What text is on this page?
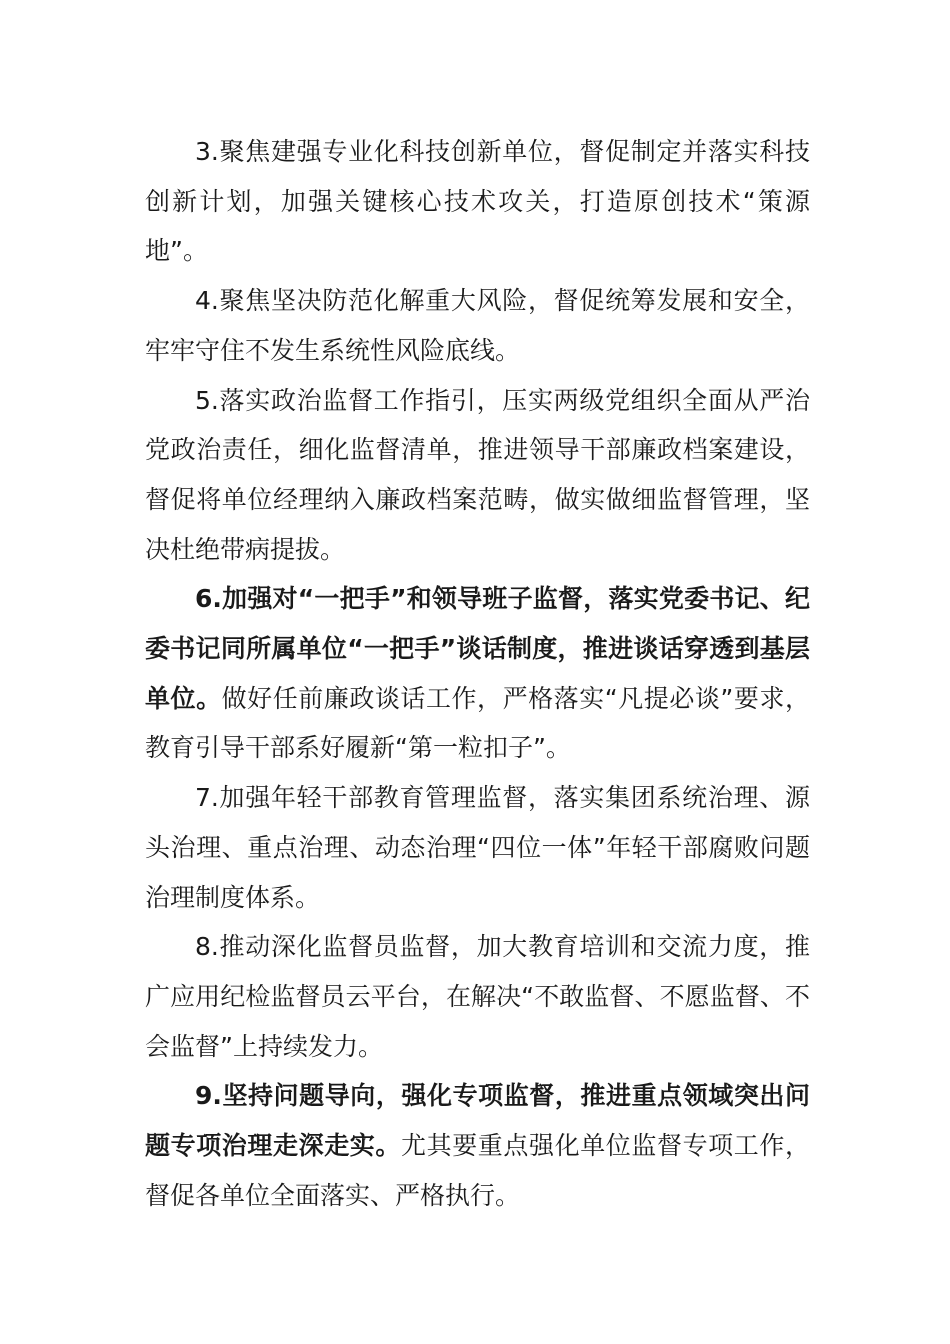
3.聚焦建强专业化科技创新单位，督促制定并落实科技创新计划，加强关键核心技术攻关，打造原创技术“策源地”。

4.聚焦坚决防范化解重大风险，督促统筹发展和安全，牢牢守住不发生系统性风险底线。

5.落实政治监督工作指引，压实两级党组织全面从严治党政治责任，细化监督清单，推进领导干部廉政档案建设，督促将单位经理纳入廉政档案范畴，做实做细监督管理，坚决杜绝带病提拔。

6.加强对“一把手”和领导班子监督，落实党委书记、纪委书记同所属单位“一把手”谈话制度，推进谈话穿透到基层单位。做好任前廉政谈话工作，严格落实“凡提必谈”要求，教育引导干部系好履新“第一粒扣子”。

7.加强年轻干部教育管理监督，落实集团系统治理、源头治理、重点治理、动态治理“四位一体”年轻干部腐败问题治理制度体系。

8.推动深化监督员监督，加大教育培训和交流力度，推广应用纪检监督员云平台，在解决“不敢监督、不愿监督、不会监督”上持续发力。

9.坚持问题导向，强化专项监督，推进重点领域突出问题专项治理走深走实。尤其要重点强化单位监督专项工作，督促各单位全面落实、严格执行。
